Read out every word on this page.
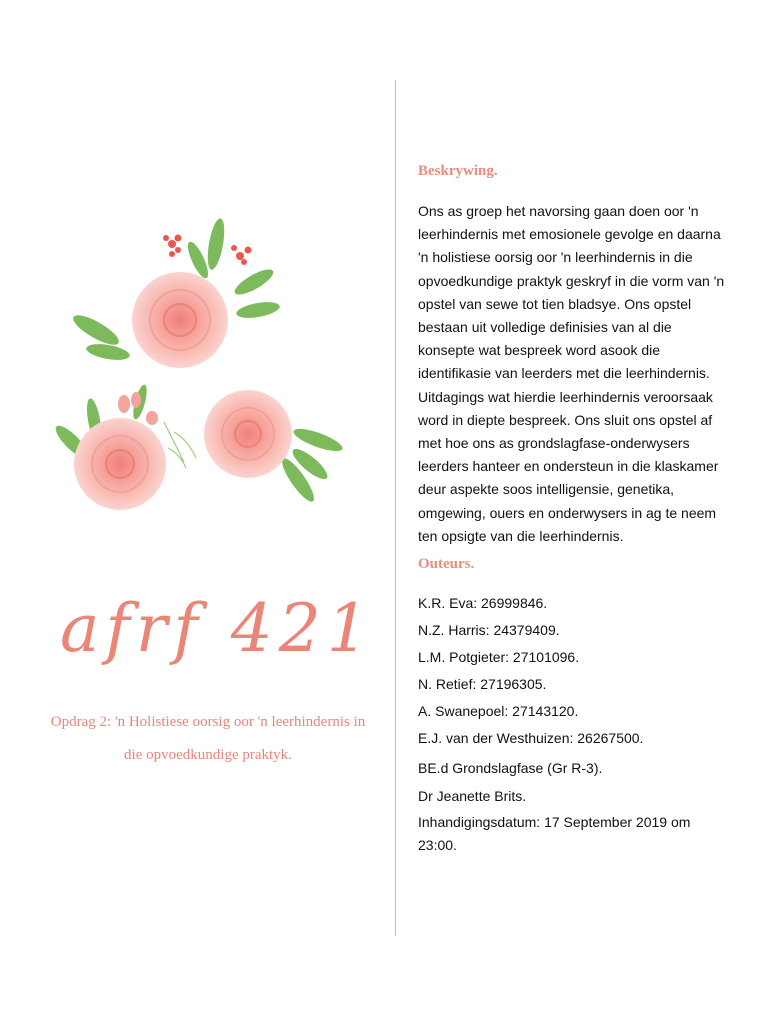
afrf 421

Opdrag 2: 'n Holistiese oorsig oor 'n leerhindernis in die opvoedkundige praktyk.

Beskrywing.

Ons as groep het navorsing gaan doen oor 'n leerhindernis met emosionele gevolge en daarna 'n holistiese oorsig oor 'n leerhindernis in die opvoedkundige praktyk geskryf in die vorm van 'n opstel van sewe tot tien bladsye. Ons opstel bestaan uit volledige definisies van al die konsepte wat bespreek word asook die identifikasie van leerders met die leerhindernis. Uitdagings wat hierdie leerhindernis veroorsaak word in diepte bespreek. Ons sluit ons opstel af met hoe ons as grondslagfase-onderwysers leerders hanteer en ondersteun in die klaskamer deur aspekte soos intelligensie, genetika, omgewing, ouers en onderwysers in ag te neem ten opsigte van die leerhindernis.

Outeurs.
K.R. Eva: 26999846.
N.Z. Harris: 24379409.
L.M. Potgieter: 27101096.
N. Retief: 27196305.
A. Swanepoel: 27143120.
E.J. van der Westhuizen: 26267500.
BE.d Grondslagfase (Gr R-3).
Dr Jeanette Brits.
Inhandigingsdatum: 17 September 2019 om 23:00.
